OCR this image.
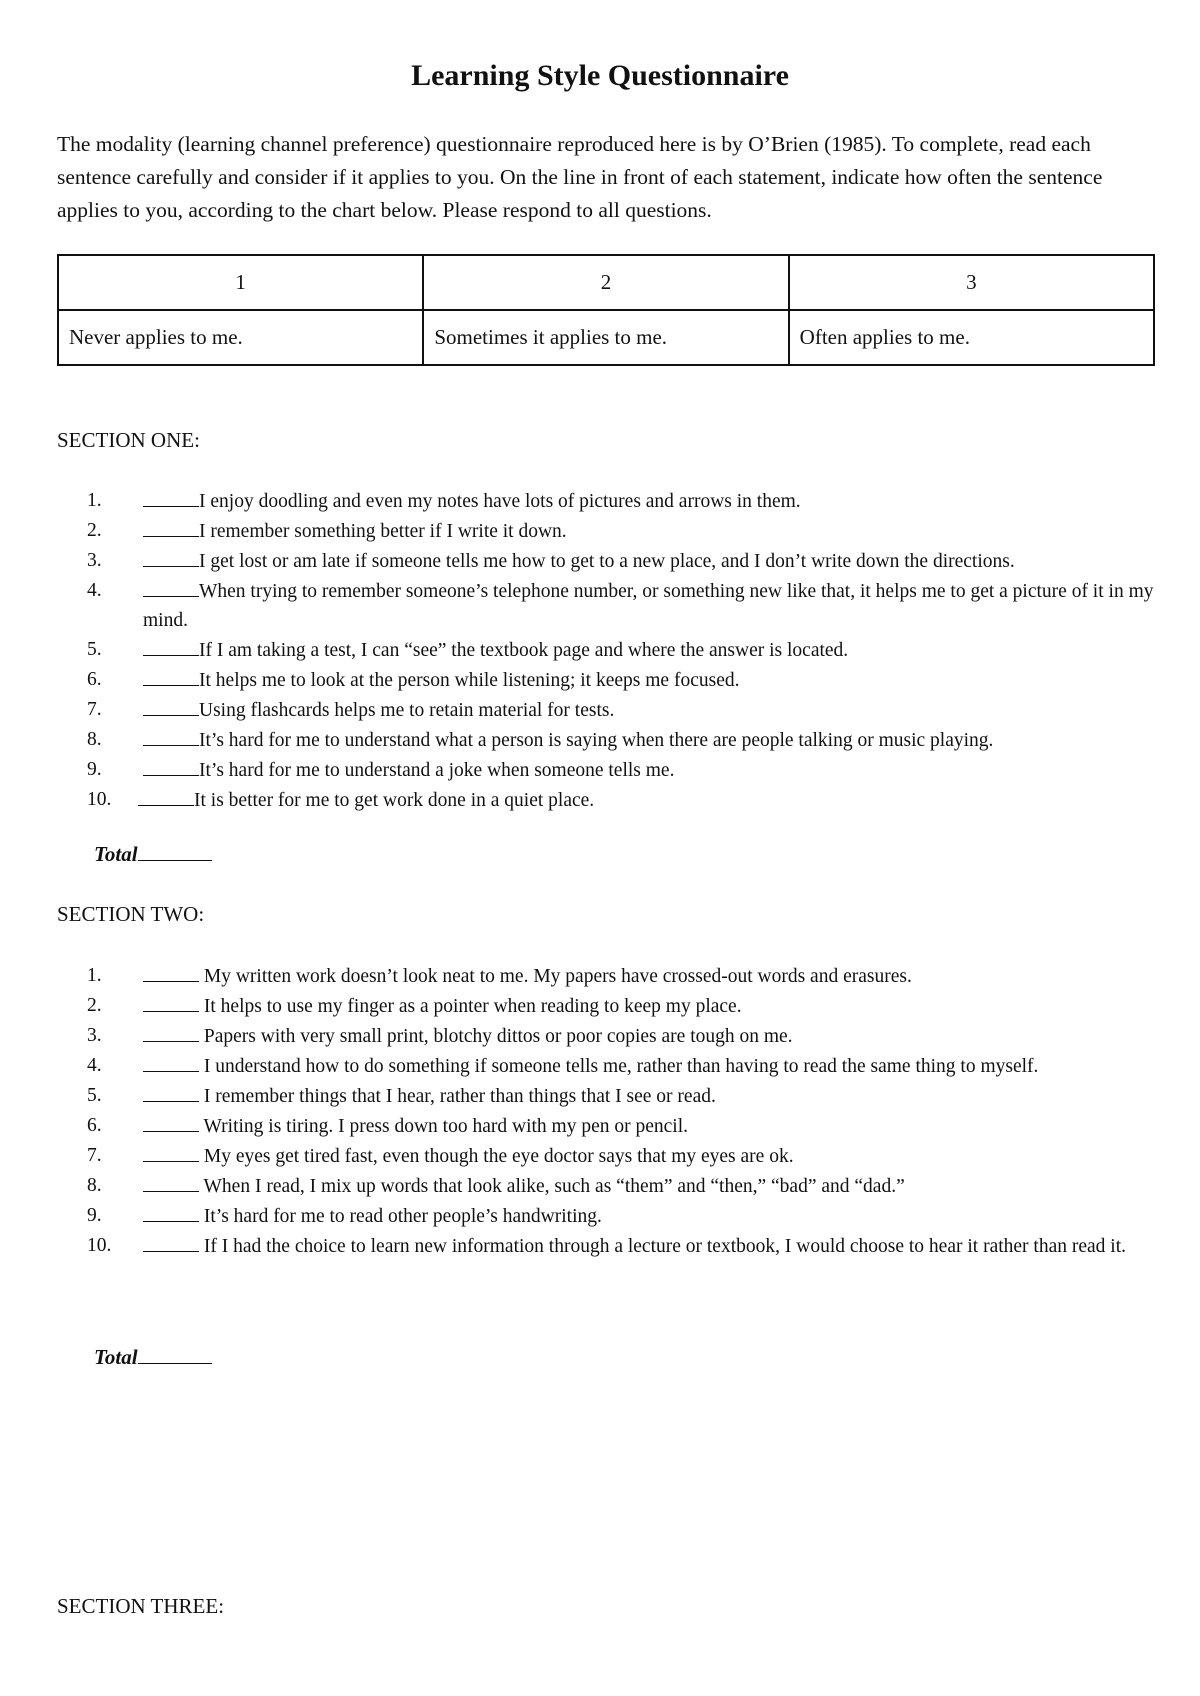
Learning Style Questionnaire
The modality (learning channel preference) questionnaire reproduced here is by O’Brien (1985). To complete, read each sentence carefully and consider if it applies to you. On the line in front of each statement, indicate how often the sentence applies to you, according to the chart below. Please respond to all questions.
1	2	3
Never applies to me.	Sometimes it applies to me.	Often applies to me.
SECTION ONE:
1.	I enjoy doodling and even my notes have lots of pictures and arrows in them.
2.	I remember something better if I write it down.
3.	I get lost or am late if someone tells me how to get to a new place, and I don’t write down the directions.
4.	When trying to remember someone’s telephone number, or something new like that, it helps me to get a picture of it in my mind.
5.	If I am taking a test, I can “see” the textbook page and where the answer is located.
6.	It helps me to look at the person while listening; it keeps me focused.
7.	Using flashcards helps me to retain material for tests.
8.	It’s hard for me to understand what a person is saying when there are people talking or music playing.
9.	It’s hard for me to understand a joke when someone tells me.
10.	It is better for me to get work done in a quiet place.
Total
SECTION TWO:
1.	My written work doesn’t look neat to me. My papers have crossed-out words and erasures.
2.	It helps to use my finger as a pointer when reading to keep my place.
3.	Papers with very small print, blotchy dittos or poor copies are tough on me.
4.	I understand how to do something if someone tells me, rather than having to read the same thing to myself.
5.	I remember things that I hear, rather than things that I see or read.
6.	Writing is tiring. I press down too hard with my pen or pencil.
7.	My eyes get tired fast, even though the eye doctor says that my eyes are ok.
8.	When I read, I mix up words that look alike, such as “them” and “then,” “bad” and “dad.”
9.	It’s hard for me to read other people’s handwriting.
10.	If I had the choice to learn new information through a lecture or textbook, I would choose to hear it rather than read it.
Total
SECTION THREE:
